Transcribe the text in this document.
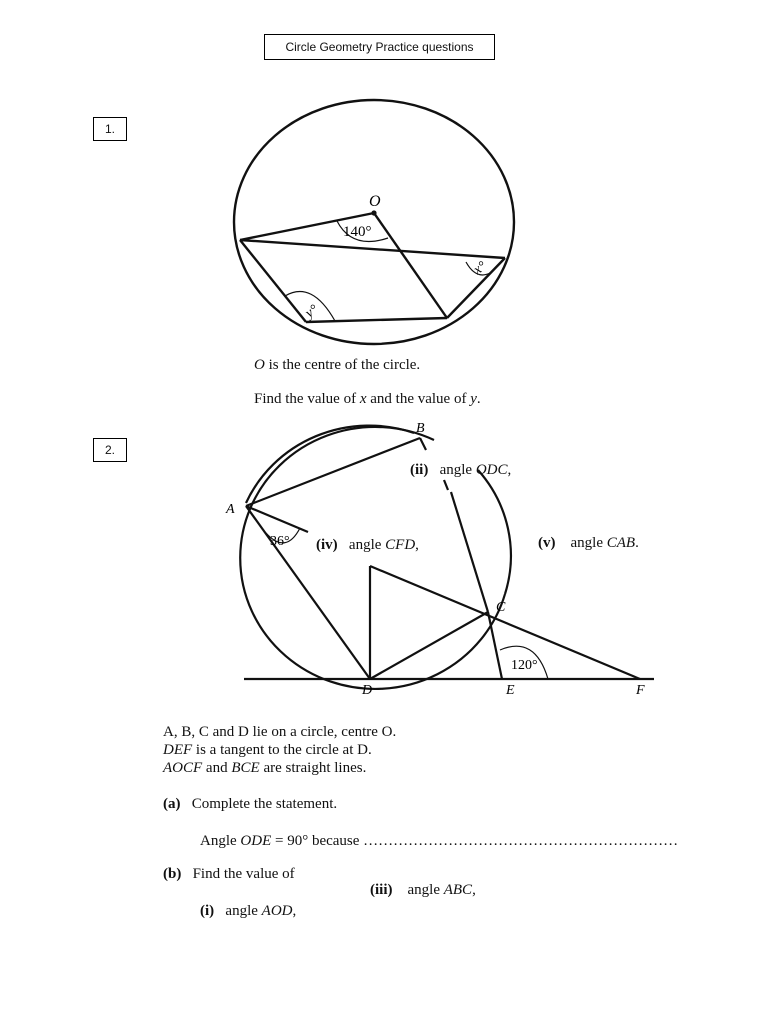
Circle Geometry Practice questions
1.
O
140°
x°
y°
O is the centre of the circle.
Find the value of x and the value of y.
2.
A
B
C
D	E	F
36°
120°
(ii) angle ODC,
(iv) angle CFD,	(v) angle CAB.
A, B, C and D lie on a circle, centre O.
DEF is a tangent to the circle at D.
AOCF and BCE are straight lines.
(a) Complete the statement.
Angle ODE = 90° because ………………………………………………………
(b) Find the value of
(iii) angle ABC,
(i) angle AOD,
